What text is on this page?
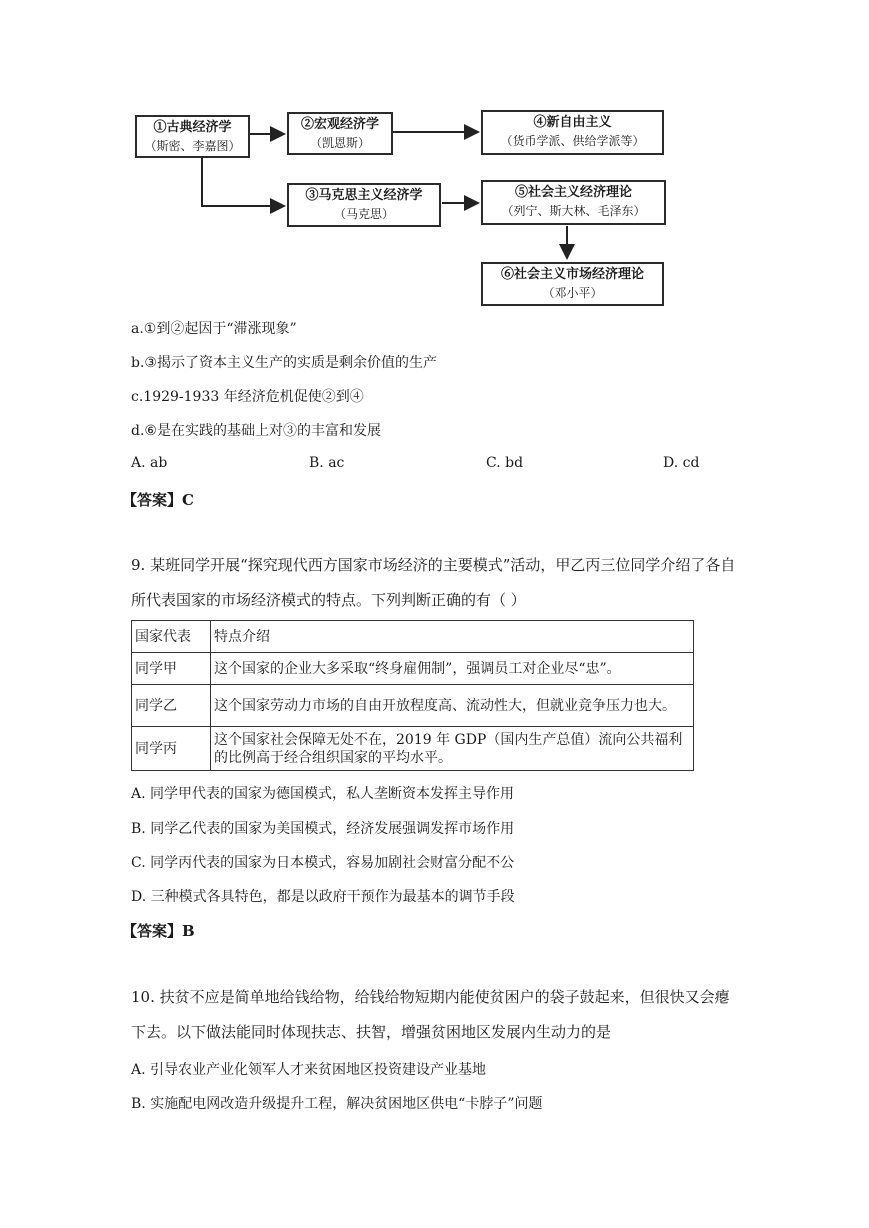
①古典经济学
（斯密、李嘉图）
②宏观经济学
（凯恩斯）
④新自由主义
（货币学派、供给学派等）
③马克思主义经济学
（马克思）
⑤社会主义经济理论
（列宁、斯大林、毛泽东）
⑥社会主义市场经济理论
（邓小平）
a.①到②起因于“滞涨现象”
b.③揭示了资本主义生产的实质是剩余价值的生产
c.1929-1933 年经济危机促使②到④
d.⑥是在实践的基础上对③的丰富和发展
A. ab	B. ac	C. bd	D. cd
【答案】C
9. 某班同学开展“探究现代西方国家市场经济的主要模式”活动，甲乙丙三位同学介绍了各自所代表国家的市场经济模式的特点。下列判断正确的有（ ）
国家代表	特点介绍
同学甲	这个国家的企业大多采取“终身雇佣制”，强调员工对企业尽“忠”。
同学乙	这个国家劳动力市场的自由开放程度高、流动性大，但就业竞争压力也大。
同学丙	这个国家社会保障无处不在，2019 年 GDP（国内生产总值）流向公共福利的比例高于经合组织国家的平均水平。
A. 同学甲代表的国家为德国模式，私人垄断资本发挥主导作用
B. 同学乙代表的国家为美国模式，经济发展强调发挥市场作用
C. 同学丙代表的国家为日本模式，容易加剧社会财富分配不公
D. 三种模式各具特色，都是以政府干预作为最基本的调节手段
【答案】B
10. 扶贫不应是简单地给钱给物，给钱给物短期内能使贫困户的袋子鼓起来，但很快又会瘪下去。以下做法能同时体现扶志、扶智，增强贫困地区发展内生动力的是
A. 引导农业产业化领军人才来贫困地区投资建设产业基地
B. 实施配电网改造升级提升工程，解决贫困地区供电“卡脖子”问题
